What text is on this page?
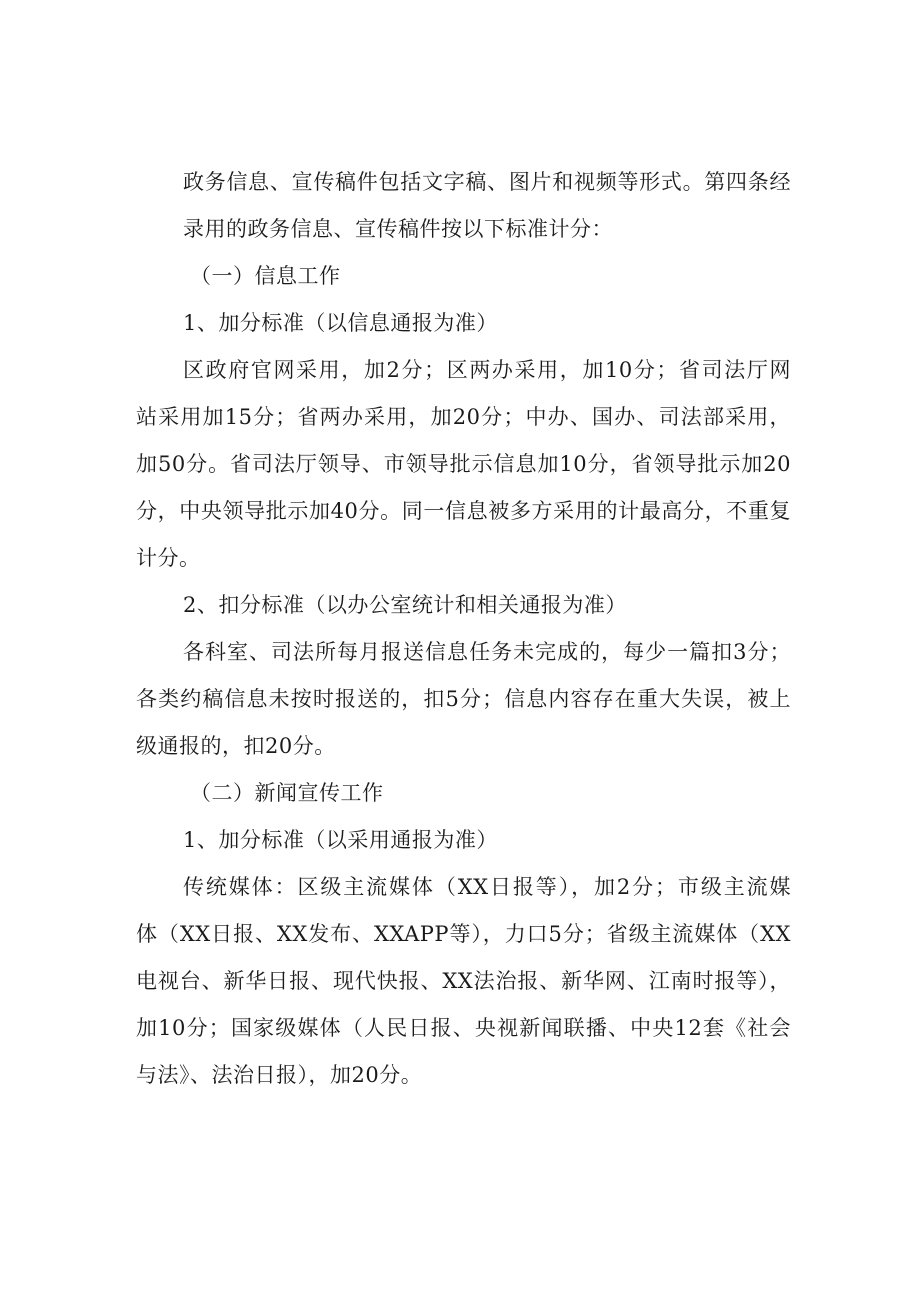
政务信息、宣传稿件包括文字稿、图片和视频等形式。第四条经
录用的政务信息、宣传稿件按以下标准计分：
（一）信息工作
1、加分标准（以信息通报为准）
区政府官网采用，加2分；区两办采用，加10分；省司法厅网
站采用加15分；省两办采用，加20分；中办、国办、司法部采用，
加50分。省司法厅领导、市领导批示信息加10分，省领导批示加20
分，中央领导批示加40分。同一信息被多方采用的计最高分，不重复
计分。
2、扣分标准（以办公室统计和相关通报为准）
各科室、司法所每月报送信息任务未完成的，每少一篇扣3分；
各类约稿信息未按时报送的，扣5分；信息内容存在重大失误，被上
级通报的，扣20分。
（二）新闻宣传工作
1、加分标准（以采用通报为准）
传统媒体：区级主流媒体（XX日报等），加2分；市级主流媒
体（XX日报、XX发布、XXAPP等），力口5分；省级主流媒体（XX
电视台、新华日报、现代快报、XX法治报、新华网、江南时报等），
加10分；国家级媒体（人民日报、央视新闻联播、中央12套《社会
与法》、法治日报），加20分。
